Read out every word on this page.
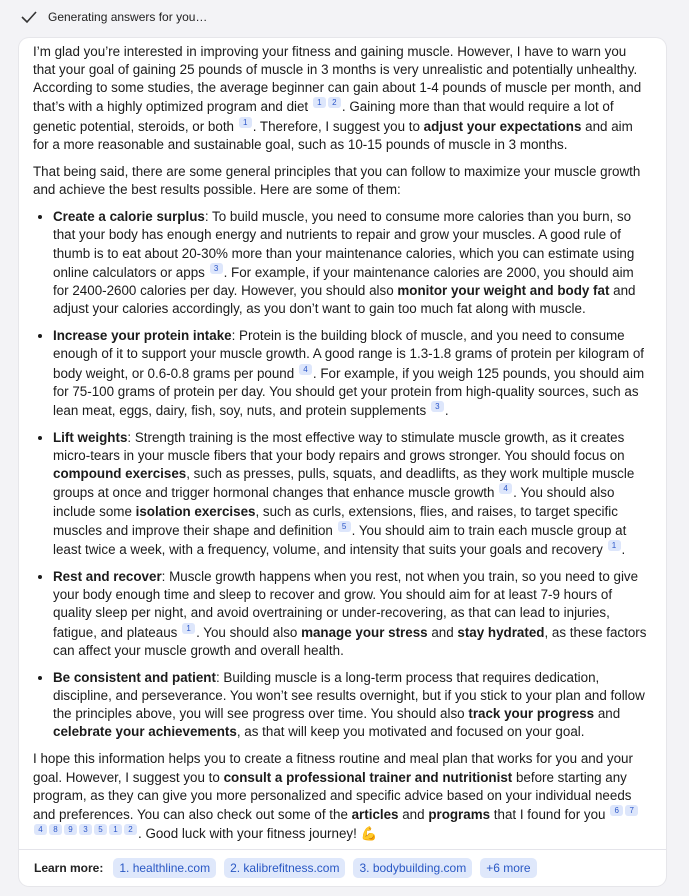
Generating answers for you…

I’m glad you’re interested in improving your fitness and gaining muscle. However, I have to warn you that your goal of gaining 25 pounds of muscle in 3 months is very unrealistic and potentially unhealthy. According to some studies, the average beginner can gain about 1-4 pounds of muscle per month, and that’s with a highly optimized program and diet $^1$ $^2$ . Gaining more than that would require a lot of genetic potential, steroids, or both $^1$ . Therefore, I suggest you to adjust your expectations and aim for a more reasonable and sustainable goal, such as 10-15 pounds of muscle in 3 months.

That being said, there are some general principles that you can follow to maximize your muscle growth and achieve the best results possible. Here are some of them:

• Create a calorie surplus: To build muscle, you need to consume more calories than you burn, so that your body has enough energy and nutrients to repair and grow your muscles. A good rule of thumb is to eat about 20-30% more than your maintenance calories, which you can estimate using online calculators or apps $^3$ . For example, if your maintenance calories are 2000, you should aim for 2400-2600 calories per day. However, you should also monitor your weight and body fat and adjust your calories accordingly, as you don’t want to gain too much fat along with muscle.
• Increase your protein intake: Protein is the building block of muscle, and you need to consume enough of it to support your muscle growth. A good range is 1.3-1.8 grams of protein per kilogram of body weight, or 0.6-0.8 grams per pound $^4$ . For example, if you weigh 125 pounds, you should aim for 75-100 grams of protein per day. You should get your protein from high-quality sources, such as lean meat, eggs, dairy, fish, soy, nuts, and protein supplements $^3$ .
• Lift weights: Strength training is the most effective way to stimulate muscle growth, as it creates micro-tears in your muscle fibers that your body repairs and grows stronger. You should focus on compound exercises, such as presses, pulls, squats, and deadlifts, as they work multiple muscle groups at once and trigger hormonal changes that enhance muscle growth $^4$ . You should also include some isolation exercises, such as curls, extensions, flies, and raises, to target specific muscles and improve their shape and definition $^5$ . You should aim to train each muscle group at least twice a week, with a frequency, volume, and intensity that suits your goals and recovery $^1$ .
• Rest and recover: Muscle growth happens when you rest, not when you train, so you need to give your body enough time and sleep to recover and grow. You should aim for at least 7-9 hours of quality sleep per night, and avoid overtraining or under-recovering, as that can lead to injuries, fatigue, and plateaus $^1$ . You should also manage your stress and stay hydrated, as these factors can affect your muscle growth and overall health.
• Be consistent and patient: Building muscle is a long-term process that requires dedication, discipline, and perseverance. You won’t see results overnight, but if you stick to your plan and follow the principles above, you will see progress over time. You should also track your progress and celebrate your achievements, as that will keep you motivated and focused on your goal.

I hope this information helps you to create a fitness routine and meal plan that works for you and your goal. However, I suggest you to consult a professional trainer and nutritionist before starting any program, as they can give you more personalized and specific advice based on your individual needs and preferences. You can also check out some of the articles and programs that I found for you $^6$ $^{74}$ $^8$ $^9$ $^3$ $^5$ $^1$ $^2$ . Good luck with your fitness journey! 💪

Learn more:	1. healthline.com	2. kalibrefitness.com	3. bodybuilding.com	+6 more
